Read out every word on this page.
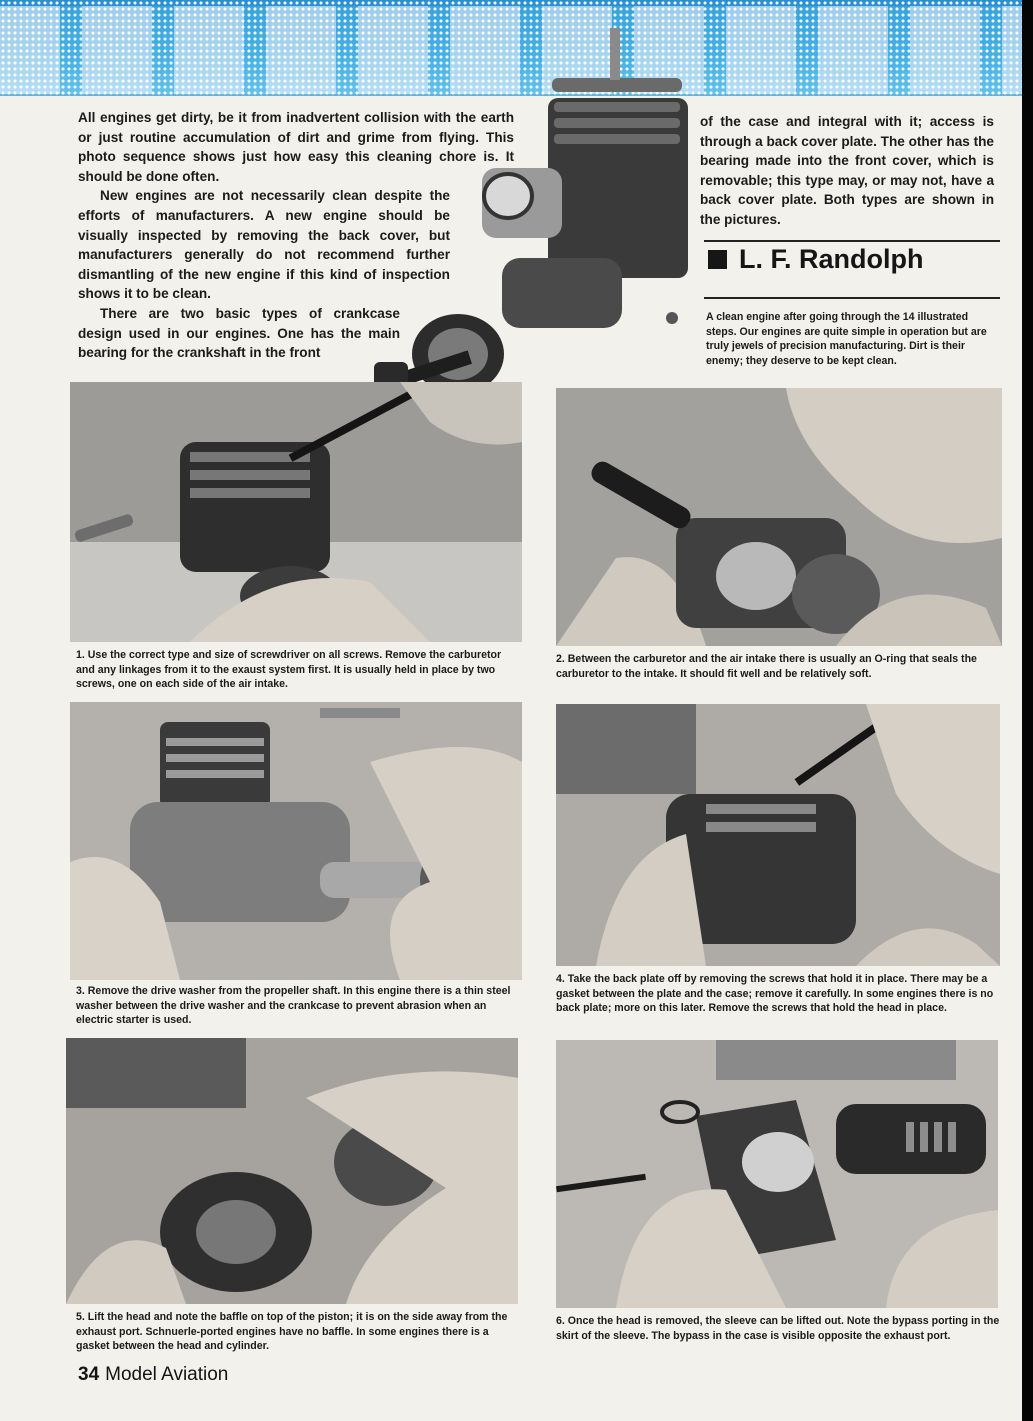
All engines get dirty, be it from inadvertent collision with the earth or just routine accumulation of dirt and grime from flying. This photo sequence shows just how easy this cleaning chore is. It should be done often.

New engines are not necessarily clean despite the efforts of manufacturers. A new engine should be visually inspected by removing the back cover, but manufacturers generally do not recommend further dismantling of the new engine if this kind of inspection shows it to be clean.

There are two basic types of crankcase design used in our engines. One has the main bearing for the crankshaft in the front

of the case and integral with it; access is through a back cover plate. The other has the bearing made into the front cover, which is removable; this type may, or may not, have a back cover plate. Both types are shown in the pictures.

L. F. Randolph

A clean engine after going through the 14 illustrated steps. Our engines are quite simple in operation but are truly jewels of precision manufacturing. Dirt is their enemy; they deserve to be kept clean.

1. Use the correct type and size of screwdriver on all screws. Remove the carburetor and any linkages from it to the exaust system first. It is usually held in place by two screws, one on each side of the air intake.

2. Between the carburetor and the air intake there is usually an O-ring that seals the carburetor to the intake. It should fit well and be relatively soft.

3. Remove the drive washer from the propeller shaft. In this engine there is a thin steel washer between the drive washer and the crankcase to prevent abrasion when an electric starter is used.

4. Take the back plate off by removing the screws that hold it in place. There may be a gasket between the plate and the case; remove it carefully. In some engines there is no back plate; more on this later. Remove the screws that hold the head in place.

5. Lift the head and note the baffle on top of the piston; it is on the side away from the exhaust port. Schnuerle-ported engines have no baffle. In some engines there is a gasket between the head and cylinder.

6. Once the head is removed, the sleeve can be lifted out. Note the bypass porting in the skirt of the sleeve. The bypass in the case is visible opposite the exhaust port.

34 Model Aviation
